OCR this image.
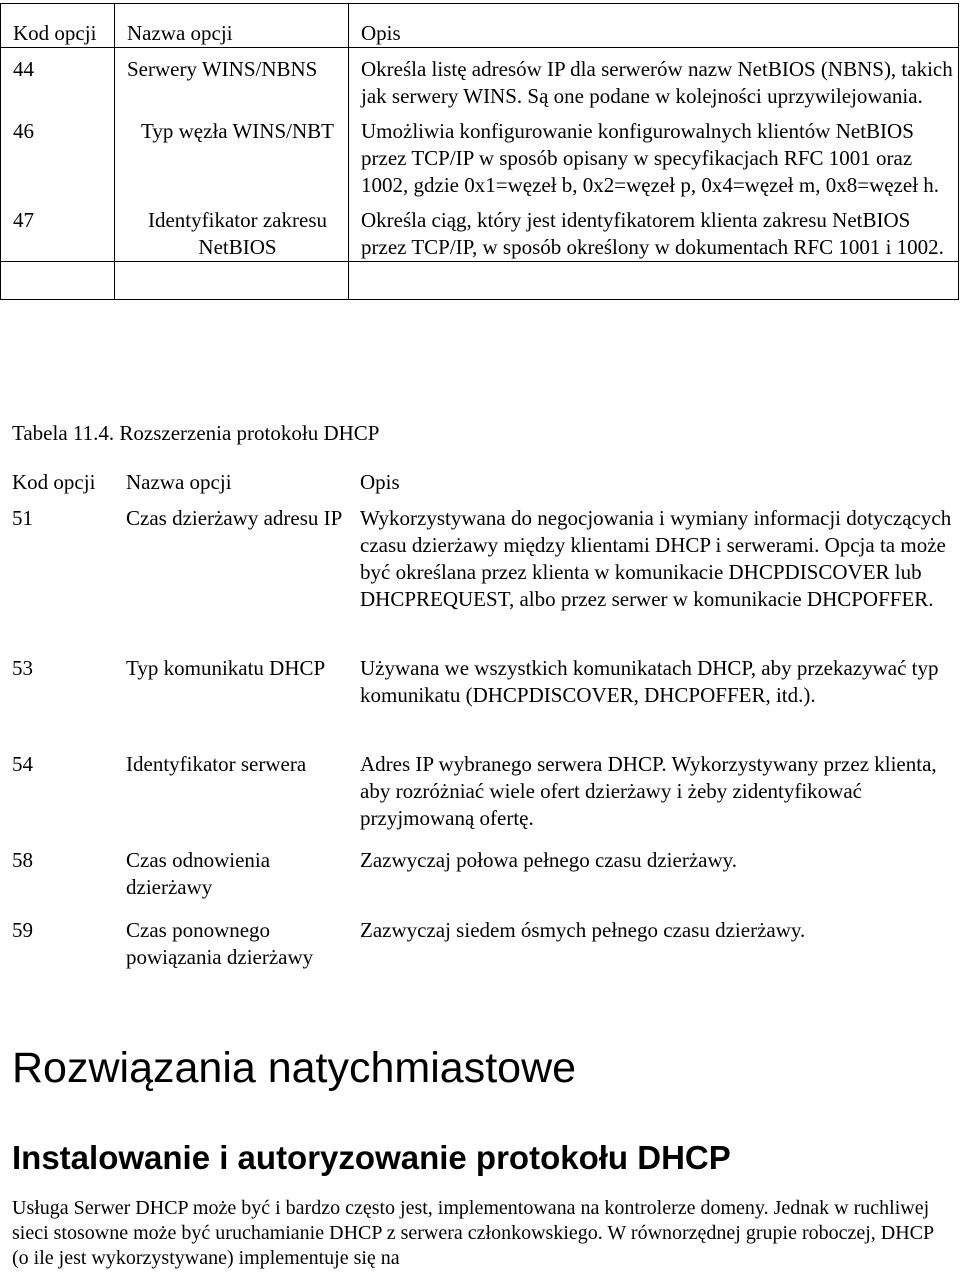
Kod opcji	Nazwa opcji	Opis
44	Serwery WINS/NBNS	Określa listę adresów IP dla serwerów nazw NetBIOS (NBNS), takich jak serwery WINS. Są one podane w kolejności uprzywilejowania.
46	Typ węzła WINS/NBT	Umożliwia konfigurowanie konfigurowalnych klientów NetBIOS przez TCP/IP w sposób opisany w specyfikacjach RFC 1001 oraz 1002, gdzie 0x1=węzeł b, 0x2=węzeł p, 0x4=węzeł m, 0x8=węzeł h.
47	Identyfikator zakresu NetBIOS	Określa ciąg, który jest identyfikatorem klienta zakresu NetBIOS przez TCP/IP, w sposób określony w dokumentach RFC 1001 i 1002.

Tabela 11.4. Rozszerzenia protokołu DHCP
Kod opcji	Nazwa opcji	Opis
51	Czas dzierżawy adresu IP	Wykorzystywana do negocjowania i wymiany informacji dotyczących czasu dzierżawy między klientami DHCP i serwerami. Opcja ta może być określana przez klienta w komunikacie DHCPDISCOVER lub DHCPREQUEST, albo przez serwer w komunikacie DHCPOFFER.
53	Typ komunikatu DHCP	Używana we wszystkich komunikatach DHCP, aby przekazywać typ komunikatu (DHCPDISCOVER, DHCPOFFER, itd.).
54	Identyfikator serwera	Adres IP wybranego serwera DHCP. Wykorzystywany przez klienta, aby rozróżniać wiele ofert dzierżawy i żeby zidentyfikować przyjmowaną ofertę.
58	Czas odnowienia dzierżawy	Zazwyczaj połowa pełnego czasu dzierżawy.
59	Czas ponownego powiązania dzierżawy	Zazwyczaj siedem ósmych pełnego czasu dzierżawy.
Rozwiązania natychmiastowe
Instalowanie i autoryzowanie protokołu DHCP

Usługa Serwer DHCP może być i bardzo często jest, implementowana na kontrolerze domeny. Jednak w ruchliwej sieci stosowne może być uruchamianie DHCP z serwera członkowskiego. W równorzędnej grupie roboczej, DHCP (o ile jest wykorzystywane) implementuje się na
